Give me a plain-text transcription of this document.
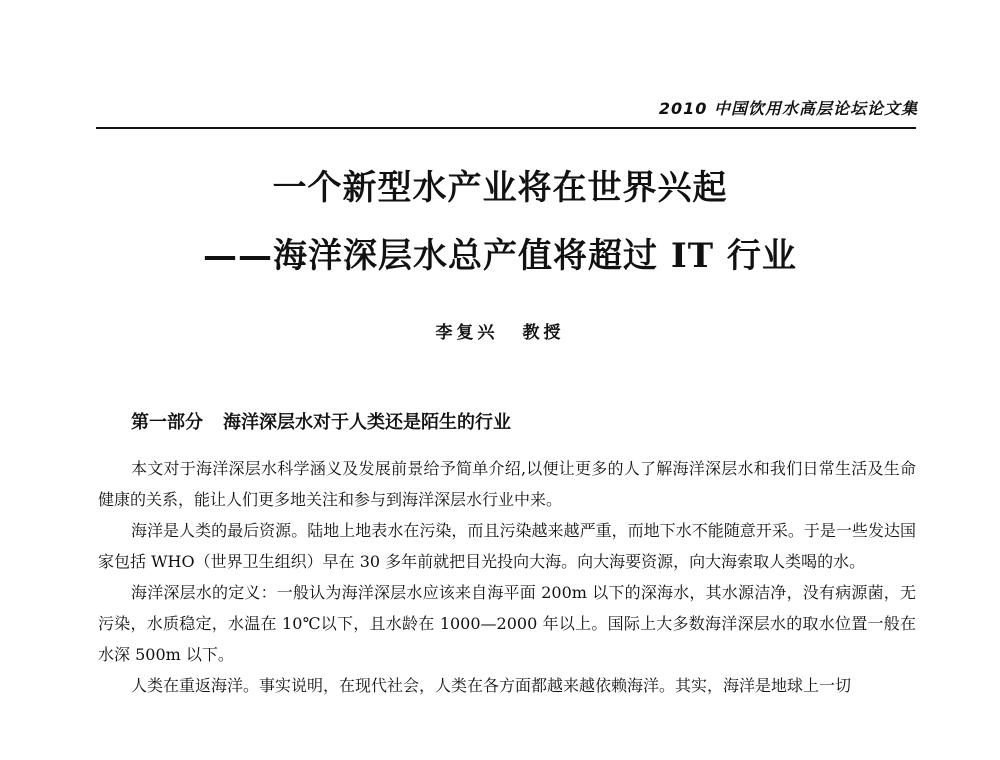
2010 中国饮用水高层论坛论文集
一个新型水产业将在世界兴起
——海洋深层水总产值将超过 IT 行业
李复兴 教授
第一部分 海洋深层水对于人类还是陌生的行业

本文对于海洋深层水科学涵义及发展前景给予简单介绍,以便让更多的人了解海洋深层水和我们日常生活及生命健康的关系，能让人们更多地关注和参与到海洋深层水行业中来。

海洋是人类的最后资源。陆地上地表水在污染，而且污染越来越严重，而地下水不能随意开采。于是一些发达国家包括 WHO（世界卫生组织）早在 30 多年前就把目光投向大海。向大海要资源，向大海索取人类喝的水。

海洋深层水的定义：一般认为海洋深层水应该来自海平面 200m 以下的深海水，其水源洁净，没有病源菌，无污染，水质稳定，水温在 10℃以下，且水龄在 1000—2000 年以上。国际上大多数海洋深层水的取水位置一般在水深 500m 以下。

人类在重返海洋。事实说明，在现代社会，人类在各方面都越来越依赖海洋。其实，海洋是地球上一切
